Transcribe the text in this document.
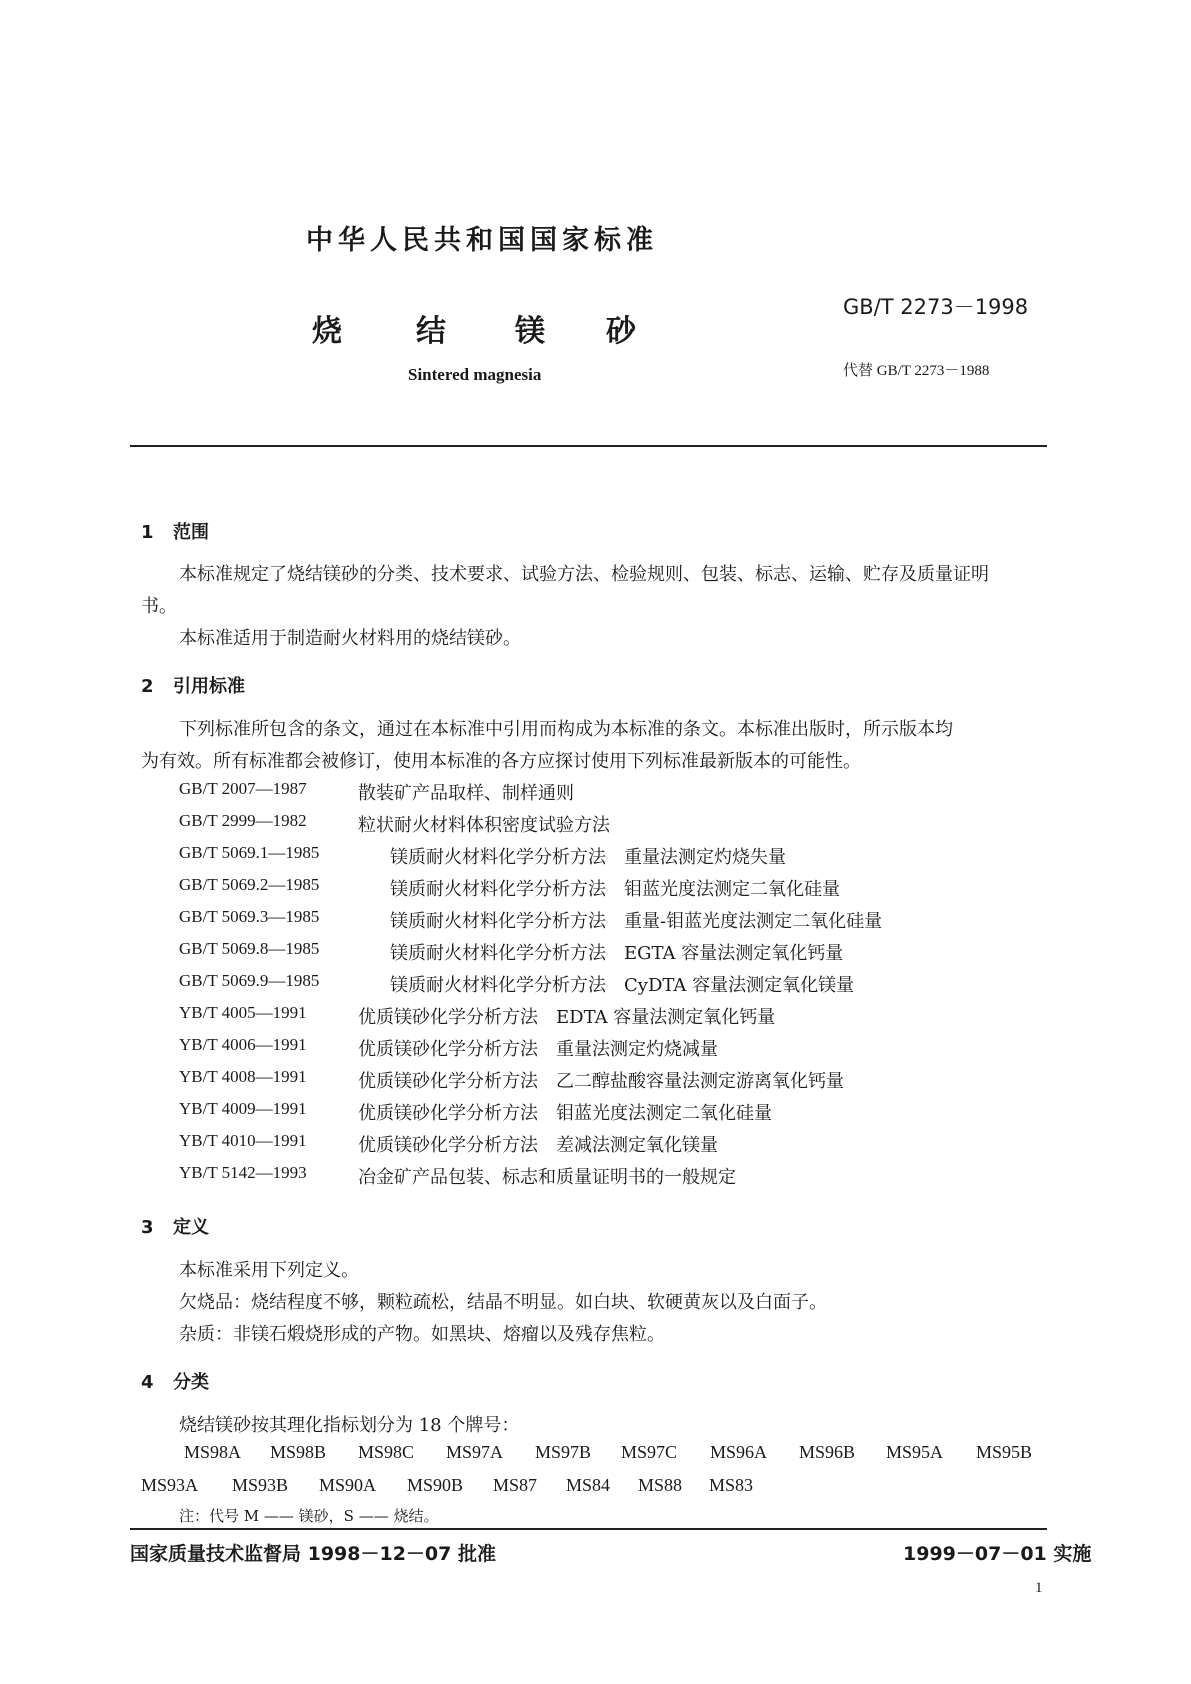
中华人民共和国国家标准
烧 结 镁 砂
Sintered magnesia
GB/T 2273－1998
代替 GB/T 2273－1988
1 范围
本标准规定了烧结镁砂的分类、技术要求、试验方法、检验规则、包装、标志、运输、贮存及质量证明
书。
本标准适用于制造耐火材料用的烧结镁砂。
2 引用标准
下列标准所包含的条文，通过在本标准中引用而构成为本标准的条文。本标准出版时，所示版本均
为有效。所有标准都会被修订，使用本标准的各方应探讨使用下列标准最新版本的可能性。
GB/T 2007—1987	散装矿产品取样、制样通则
GB/T 2999—1982	粒状耐火材料体积密度试验方法
GB/T 5069.1—1985	镁质耐火材料化学分析方法　重量法测定灼烧失量
GB/T 5069.2—1985	镁质耐火材料化学分析方法　钼蓝光度法测定二氧化硅量
GB/T 5069.3—1985	镁质耐火材料化学分析方法　重量-钼蓝光度法测定二氧化硅量
GB/T 5069.8—1985	镁质耐火材料化学分析方法　EGTA 容量法测定氧化钙量
GB/T 5069.9—1985	镁质耐火材料化学分析方法　CyDTA 容量法测定氧化镁量
YB/T 4005—1991	优质镁砂化学分析方法　EDTA 容量法测定氧化钙量
YB/T 4006—1991	优质镁砂化学分析方法　重量法测定灼烧减量
YB/T 4008—1991	优质镁砂化学分析方法　乙二醇盐酸容量法测定游离氧化钙量
YB/T 4009—1991	优质镁砂化学分析方法　钼蓝光度法测定二氧化硅量
YB/T 4010—1991	优质镁砂化学分析方法　差减法测定氧化镁量
YB/T 5142—1993	冶金矿产品包装、标志和质量证明书的一般规定
3 定义
本标准采用下列定义。
欠烧品：烧结程度不够，颗粒疏松，结晶不明显。如白块、软硬黄灰以及白面子。
杂质：非镁石煅烧形成的产物。如黑块、熔瘤以及残存焦粒。
4 分类
烧结镁砂按其理化指标划分为 18 个牌号：
MS98A MS98B MS98C MS97A MS97B MS97C MS96A MS96B MS95A MS95B
MS93A MS93B MS90A MS90B MS87 MS84 MS88 MS83
注：代号 M —— 镁砂，S —— 烧结。
国家质量技术监督局 1998－12－07 批准	1999－07－01 实施
1
